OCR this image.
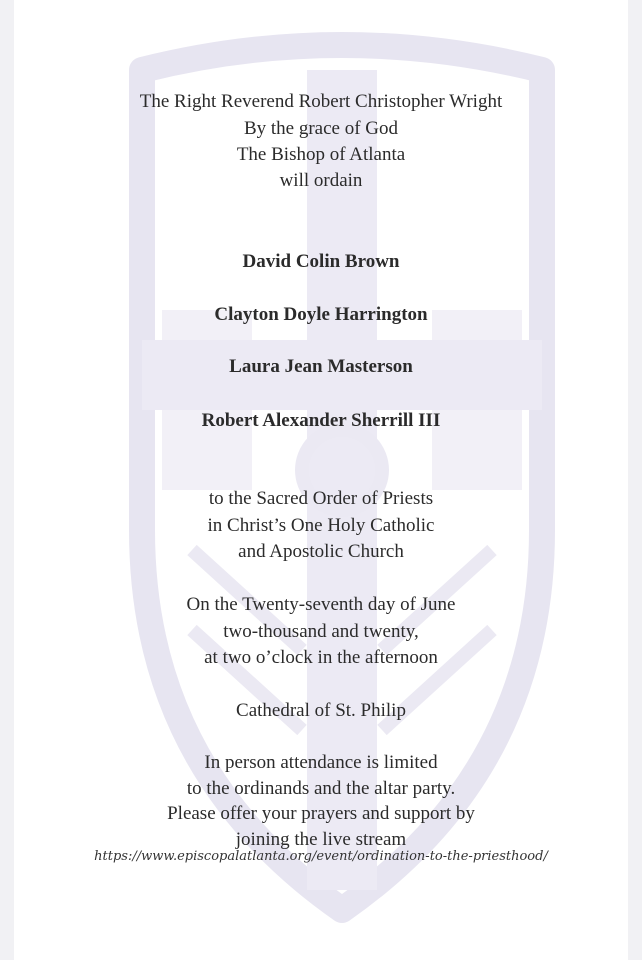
The Right Reverend Robert Christopher Wright
By the grace of God
The Bishop of Atlanta
will ordain
David Colin Brown
Clayton Doyle Harrington
Laura Jean Masterson
Robert Alexander Sherrill III
to the Sacred Order of Priests
in Christ’s One Holy Catholic
and Apostolic Church
On the Twenty-seventh day of June
two-thousand and twenty,
at two o’clock in the afternoon
Cathedral of St. Philip
In person attendance is limited
to the ordinands and the altar party.
Please offer your prayers and support by
joining the live stream
https://www.episcopalatlanta.org/event/ordination-to-the-priesthood/
